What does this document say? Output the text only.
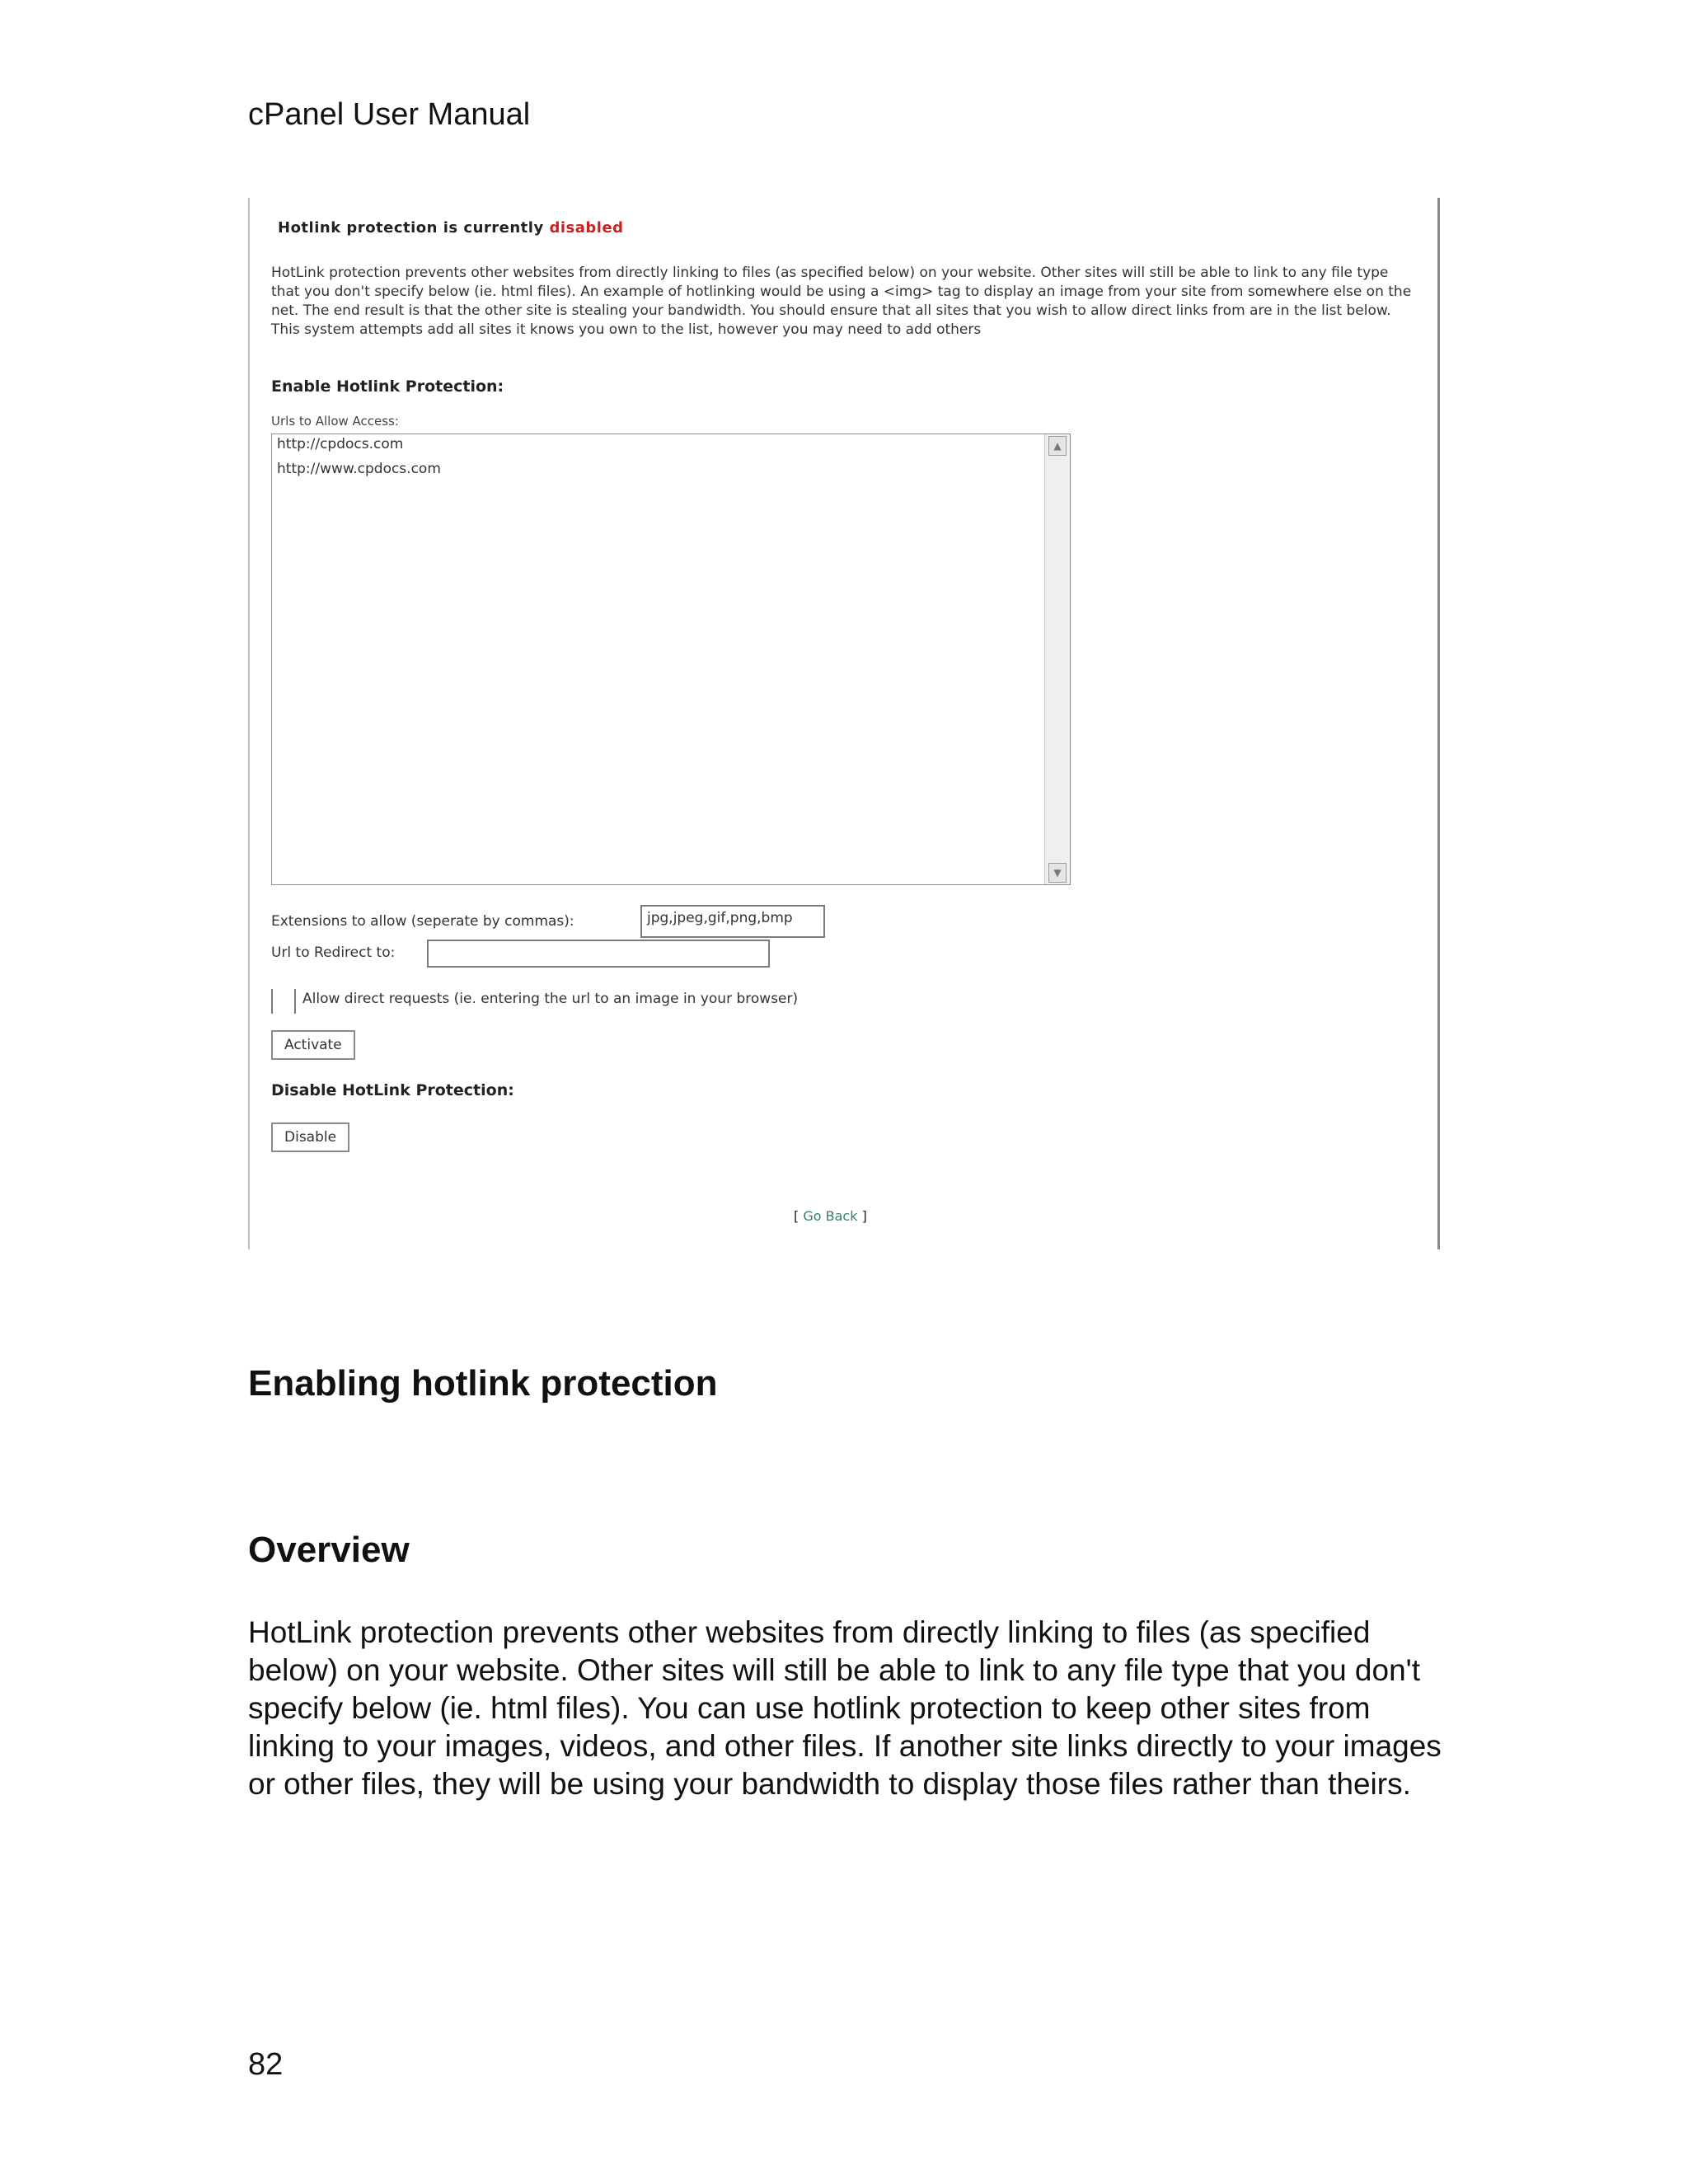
cPanel User Manual
Hotlink protection is currently disabled
HotLink protection prevents other websites from directly linking to files (as specified below) on your website. Other sites will still be able to link to any file type that you don't specify below (ie. html files). An example of hotlinking would be using a <img> tag to display an image from your site from somewhere else on the net. The end result is that the other site is stealing your bandwidth. You should ensure that all sites that you wish to allow direct links from are in the list below. This system attempts add all sites it knows you own to the list, however you may need to add others
Enable Hotlink Protection:
Urls to Allow Access:
http://cpdocs.com
http://www.cpdocs.com
▲
▼
Extensions to allow (seperate by commas):	jpg,jpeg,gif,png,bmp
Url to Redirect to:
Allow direct requests (ie. entering the url to an image in your browser)
Activate
Disable HotLink Protection:
Disable
[ Go Back ]
Enabling hotlink protection
Overview
HotLink protection prevents other websites from directly linking to files (as specified below) on your website. Other sites will still be able to link to any file type that you don't specify below (ie. html files). You can use hotlink protection to keep other sites from linking to your images, videos, and other files. If another site links directly to your images or other files, they will be using your bandwidth to display those files rather than theirs.
82
